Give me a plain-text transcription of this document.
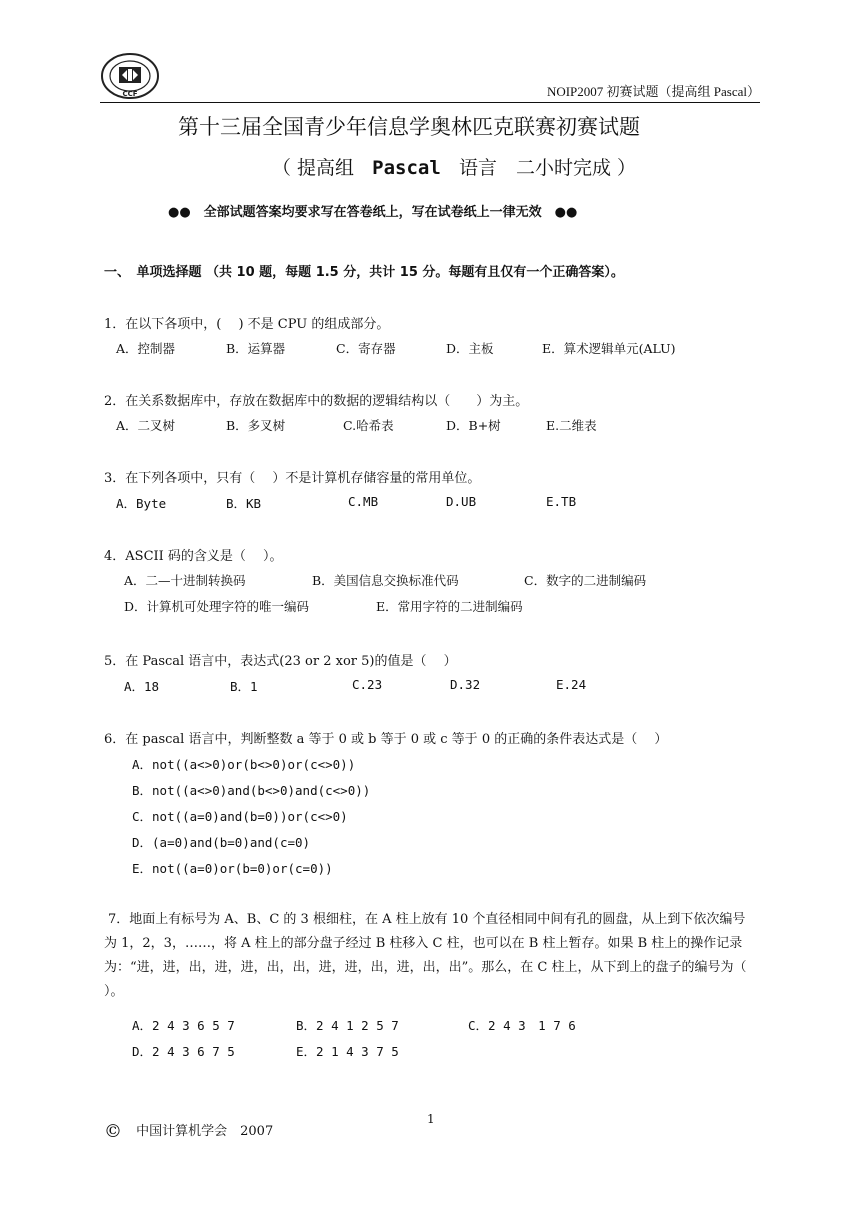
CCF	NOIP2007 初赛试题（提高组 Pascal）
第十三届全国青少年信息学奥林匹克联赛初赛试题
（ 提高组 Pascal 语言　二小时完成 ）
●●　全部试题答案均要求写在答卷纸上，写在试卷纸上一律无效　●●
一、　单项选择题 （共 10 题，每题 1.5 分，共计 15 分。每题有且仅有一个正确答案）。
1．在以下各项中，(　 ) 不是 CPU 的组成部分。
A．控制器	B．运算器	C．寄存器	D．主板	E．算术逻辑单元(ALU)
2．在关系数据库中，存放在数据库中的数据的逻辑结构以（　　）为主。
A．二叉树	B．多叉树	C.哈希表	D．B+树	E.二维表
3．在下列各项中，只有（　 ）不是计算机存储容量的常用单位。
A．Byte	B．KB	C.MB	D.UB	E.TB
4．ASCII 码的含义是（　 ）。
A．二—十进制转换码	B．美国信息交换标准代码	C．数字的二进制编码
D．计算机可处理字符的唯一编码	E．常用字符的二进制编码
5．在 Pascal 语言中，表达式(23 or 2 xor 5)的值是（　 ）
A．18	B．1	C.23	D.32	E.24
6．在 pascal 语言中，判断整数 a 等于 0 或 b 等于 0 或 c 等于 0 的正确的条件表达式是（　 ）
A．not((a<>0)or(b<>0)or(c<>0))
B．not((a<>0)and(b<>0)and(c<>0))
C．not((a=0)and(b=0))or(c<>0)
D．(a=0)and(b=0)and(c=0)
E．not((a=0)or(b=0)or(c=0))
7．地面上有标号为 A、B、C 的 3 根细柱，在 A 柱上放有 10 个直径相同中间有孔的圆盘，从上到下依次编号为 1，2，3，……，将 A 柱上的部分盘子经过 B 柱移入 C 柱，也可以在 B 柱上暂存。如果 B 柱上的操作记录为：“进，进，出，进，进，出，出，进，进，出，进，出，出”。那么，在 C 柱上，从下到上的盘子的编号为（　 ）。
A．2 4 3 6 5 7	B．2 4 1 2 5 7	C．2 4 3　1 7 6
D．2 4 3 6 7 5	E．2 1 4 3 7 5
1
© 中国计算机学会　2007
